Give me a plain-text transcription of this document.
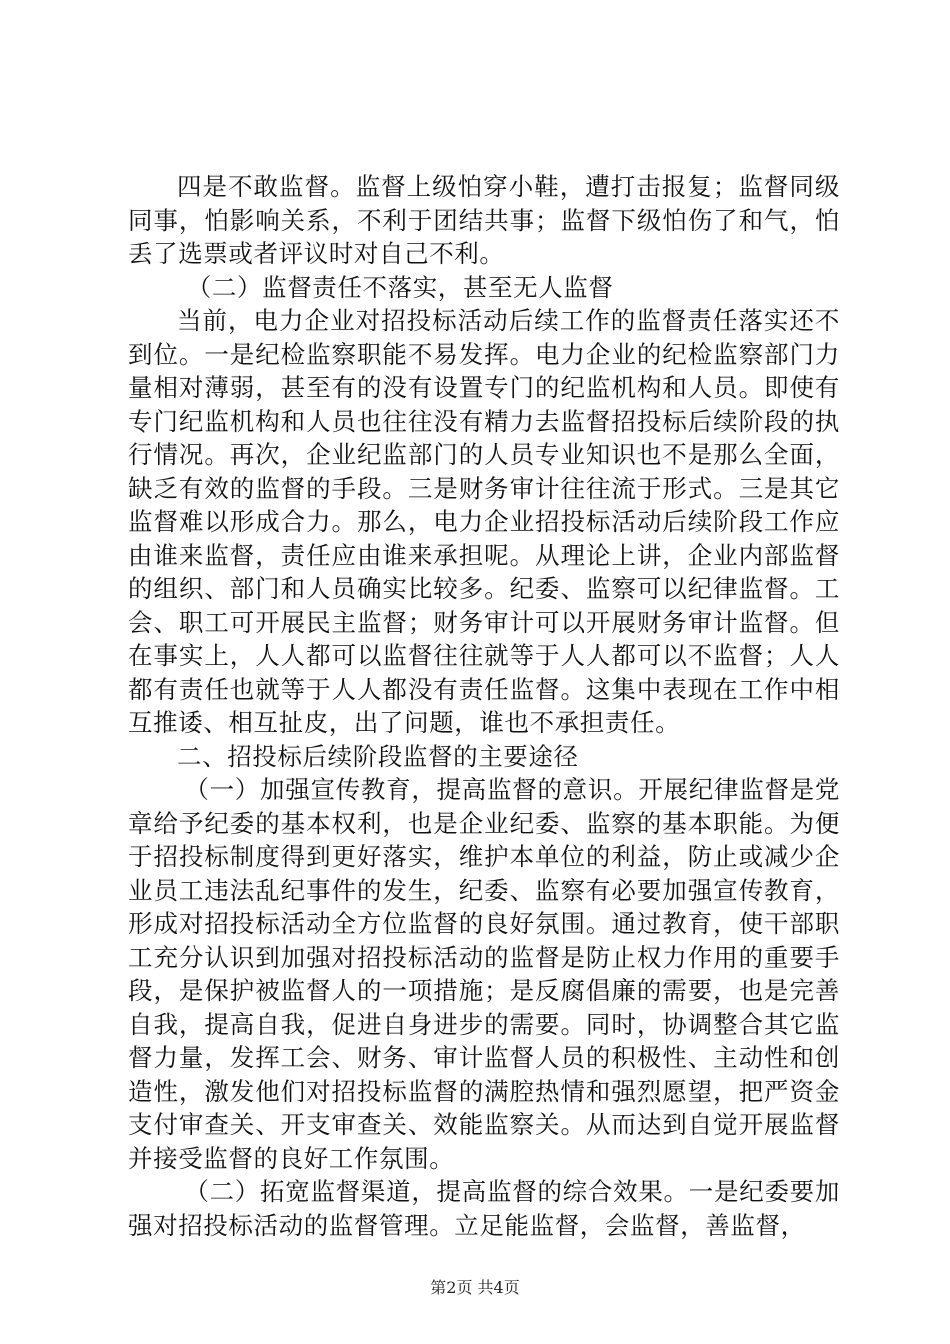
四是不敢监督。监督上级怕穿小鞋，遭打击报复；监督同级同事，怕影响关系，不利于团结共事；监督下级怕伤了和气，怕丢了选票或者评议时对自己不利。

（二）监督责任不落实，甚至无人监督

当前，电力企业对招投标活动后续工作的监督责任落实还不到位。一是纪检监察职能不易发挥。电力企业的纪检监察部门力量相对薄弱，甚至有的没有设置专门的纪监机构和人员。即使有专门纪监机构和人员也往往没有精力去监督招投标后续阶段的执行情况。再次，企业纪监部门的人员专业知识也不是那么全面，缺乏有效的监督的手段。三是财务审计往往流于形式。三是其它监督难以形成合力。那么，电力企业招投标活动后续阶段工作应由谁来监督，责任应由谁来承担呢。从理论上讲，企业内部监督的组织、部门和人员确实比较多。纪委、监察可以纪律监督。工会、职工可开展民主监督；财务审计可以开展财务审计监督。但在事实上，人人都可以监督往往就等于人人都可以不监督；人人都有责任也就等于人人都没有责任监督。这集中表现在工作中相互推诿、相互扯皮，出了问题，谁也不承担责任。

二、招投标后续阶段监督的主要途径

（一）加强宣传教育，提高监督的意识。开展纪律监督是党章给予纪委的基本权利，也是企业纪委、监察的基本职能。为便于招投标制度得到更好落实，维护本单位的利益，防止或减少企业员工违法乱纪事件的发生，纪委、监察有必要加强宣传教育，形成对招投标活动全方位监督的良好氛围。通过教育，使干部职工充分认识到加强对招投标活动的监督是防止权力作用的重要手段，是保护被监督人的一项措施；是反腐倡廉的需要，也是完善自我，提高自我，促进自身进步的需要。同时，协调整合其它监督力量，发挥工会、财务、审计监督人员的积极性、主动性和创造性，激发他们对招投标监督的满腔热情和强烈愿望，把严资金支付审查关、开支审查关、效能监察关。从而达到自觉开展监督并接受监督的良好工作氛围。

（二）拓宽监督渠道，提高监督的综合效果。一是纪委要加强对招投标活动的监督管理。立足能监督，会监督，善监督，

第2页 共4页
